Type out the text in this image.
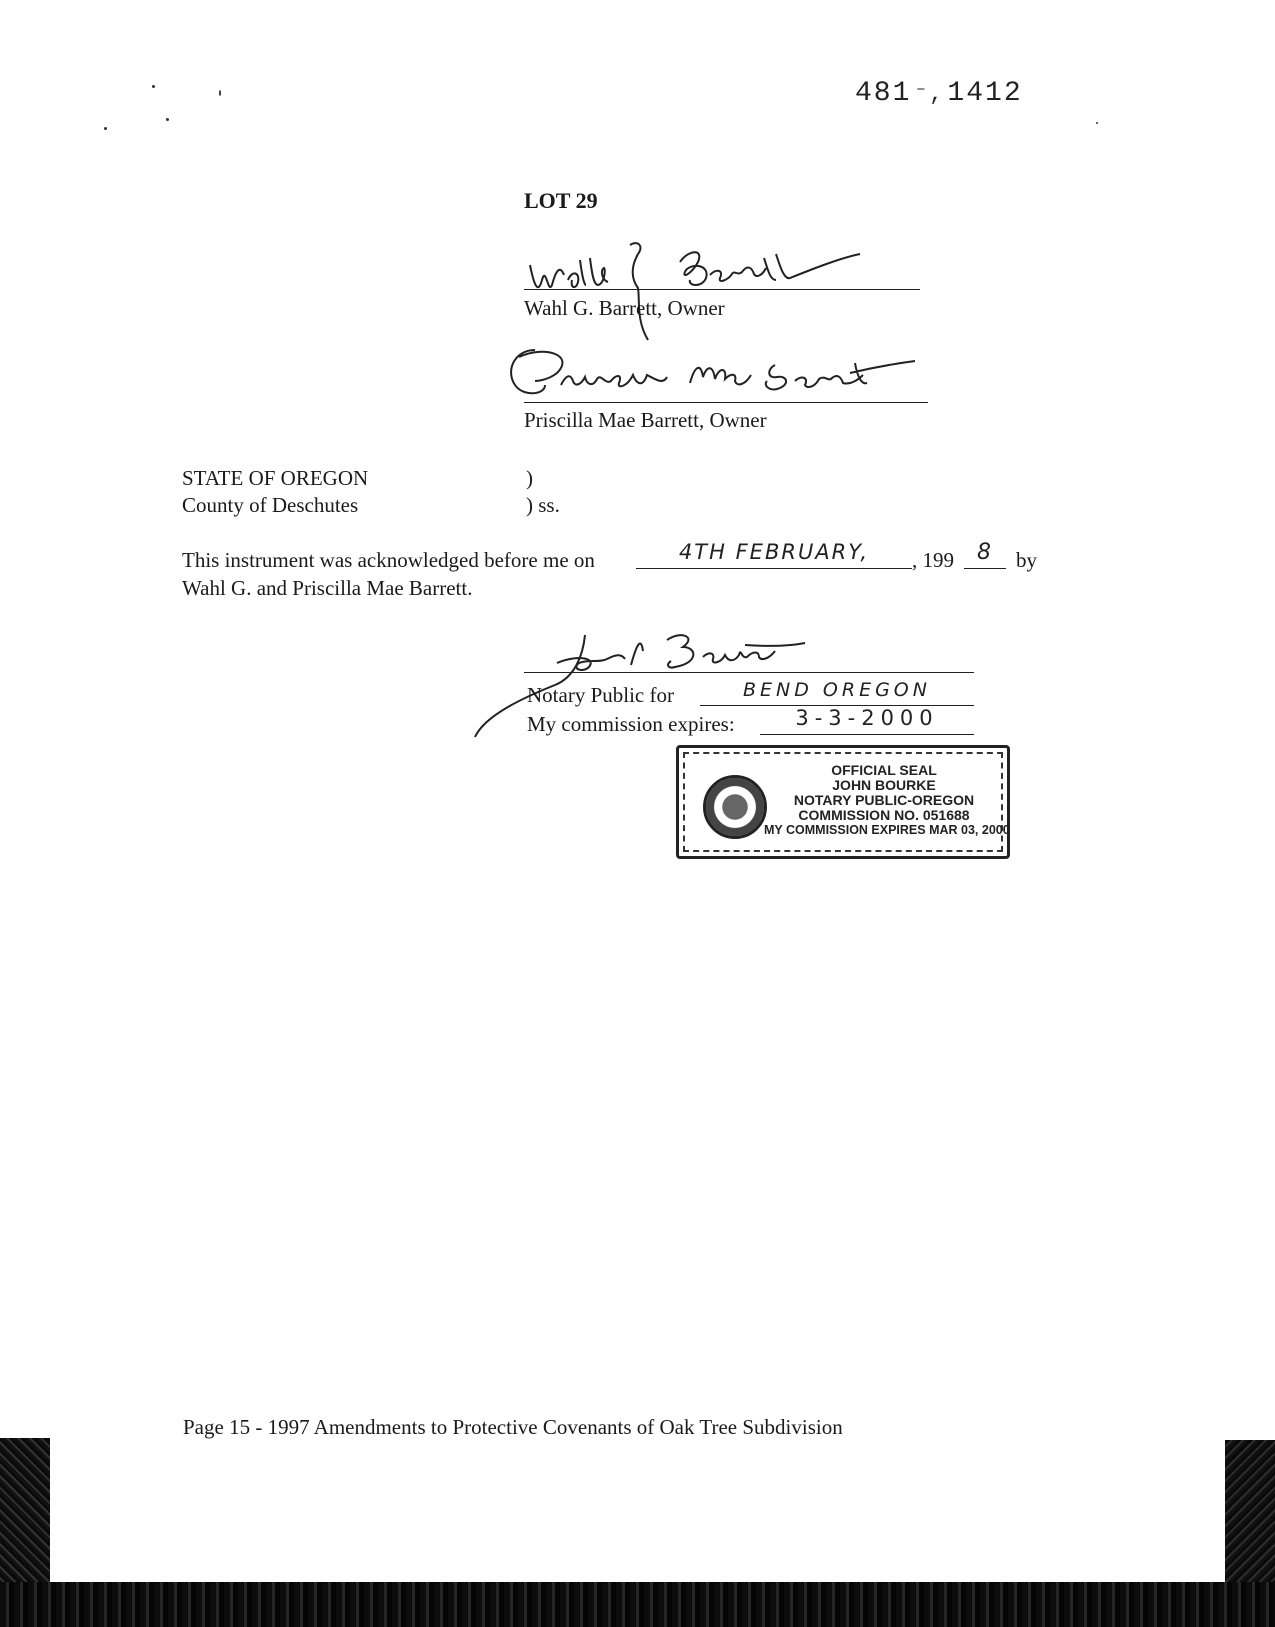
481 ⁻,1412
LOT 29
Wahl G. Barrett, Owner
Priscilla Mae Barrett, Owner
STATE OF OREGON	)
County of Deschutes	) ss.
This instrument was acknowledged before me on	4TH FEBRUARY,	, 199	8	by
Wahl G. and Priscilla Mae Barrett.
Notary Public for	BEND OREGON
My commission expires:	3-3-2000
OFFICIAL SEAL
JOHN BOURKE
NOTARY PUBLIC-OREGON
COMMISSION NO. 051688
MY COMMISSION EXPIRES MAR 03, 2000
Page 15 - 1997 Amendments to Protective Covenants of Oak Tree Subdivision
